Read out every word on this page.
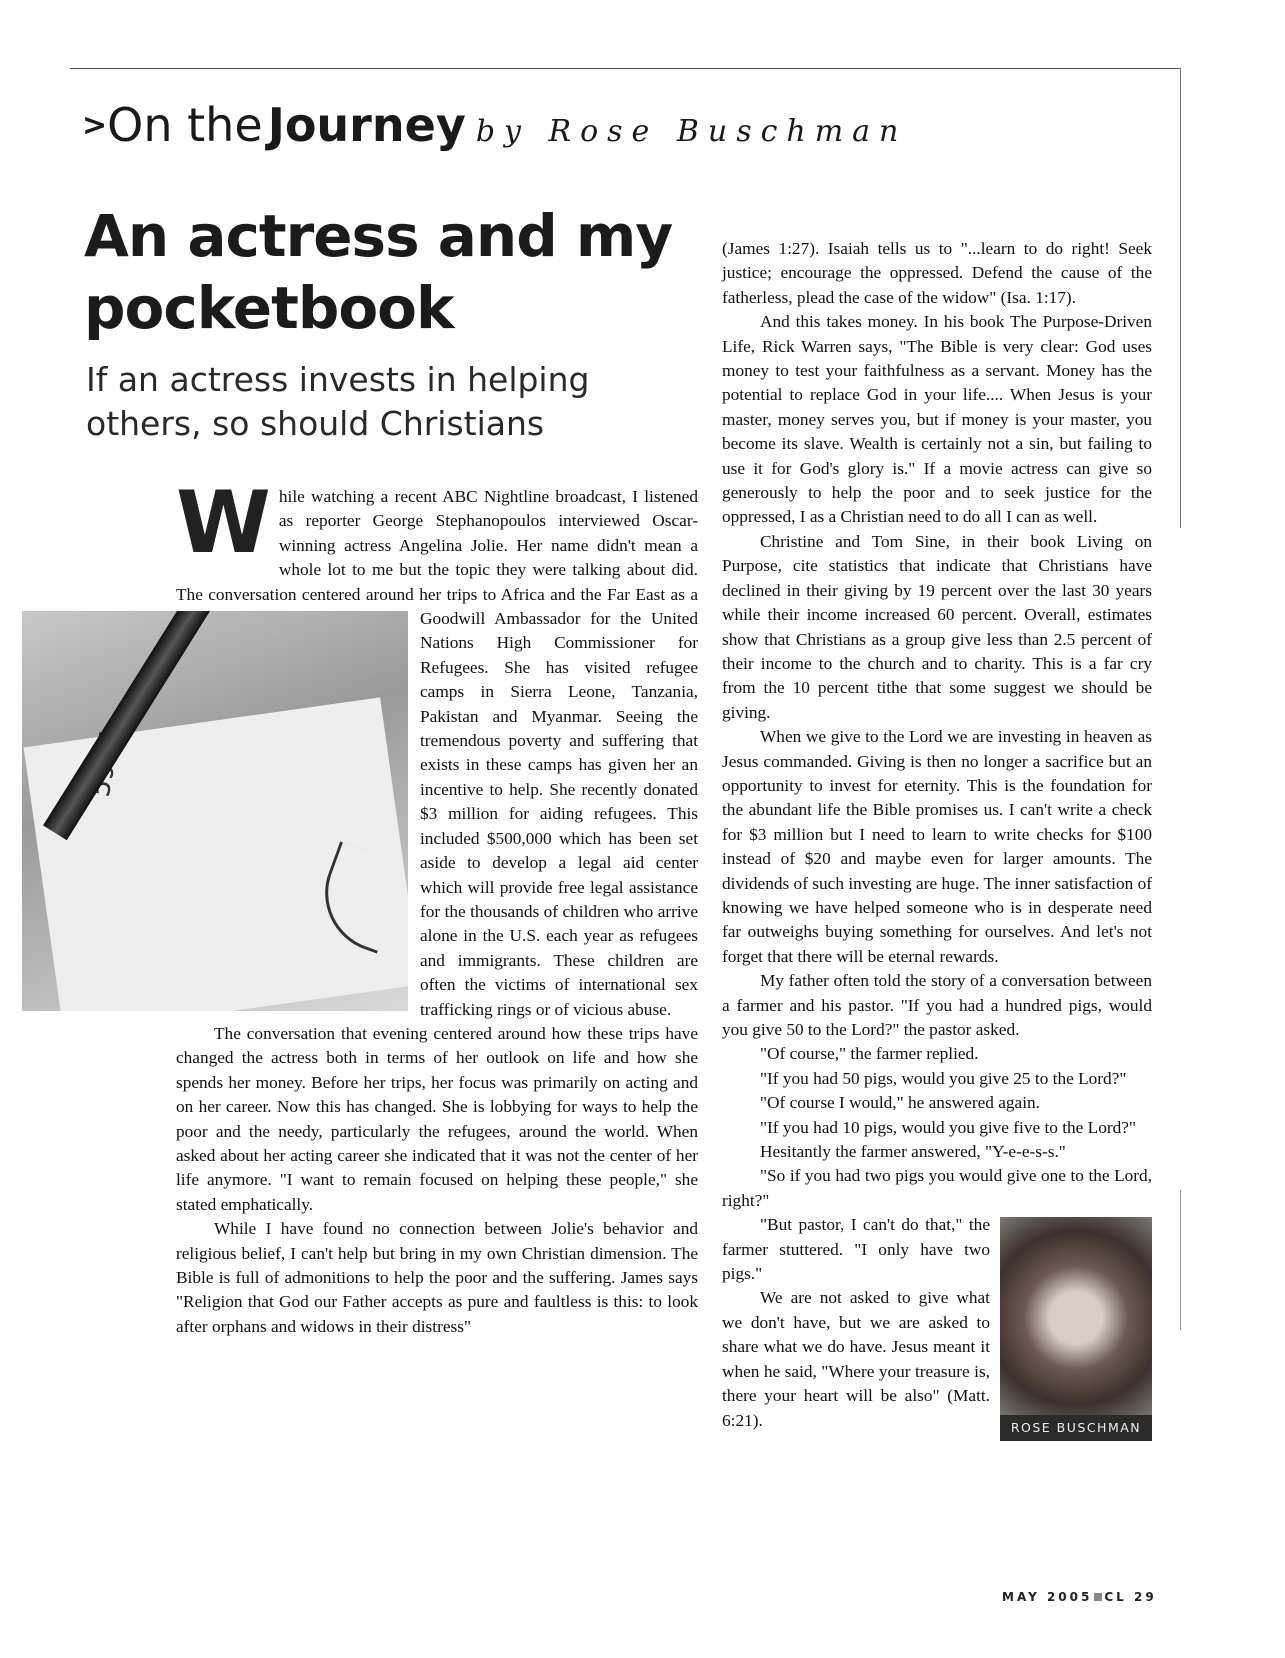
>On the Journey by Rose Buschman
An actress and my pocketbook
If an actress invests in helping others, so should Christians
W hile watching a recent ABC Nightline broadcast, I listened as reporter George Stephanopoulos interviewed Oscar-winning actress Angelina Jolie. Her name didn't mean a whole lot to me but the topic they were talking about did. The conversation centered around her trips to Africa and the Far East as a
Goodwill Ambassador for the United Nations High Commissioner for Refugees. She has visited refugee camps in Sierra Leone, Tanzania, Pakistan and Myanmar. Seeing the tremendous poverty and suffering that exists in these camps has given her an incentive to help. She recently donated $3 million for aiding refugees. This included $500,000 which has been set aside to develop a legal aid center which will provide free legal assistance for the thousands of children who arrive alone in the U.S. each year as refugees and immigrants. These children are often the victims of international sex trafficking rings or of vicious abuse.

The conversation that evening centered around how these trips have changed the actress both in terms of her outlook on life and how she spends her money. Before her trips, her focus was primarily on acting and on her career. Now this has changed. She is lobbying for ways to help the poor and the needy, particularly the refugees, around the world. When asked about her acting career she indicated that it was not the center of her life anymore. "I want to remain focused on helping these people," she stated emphatically.

While I have found no connection between Jolie's behavior and religious belief, I can't help but bring in my own Christian dimension. The Bible is full of admonitions to help the poor and the suffering. James says "Religion that God our Father accepts as pure and faultless is this: to look after orphans and widows in their distress"

(James 1:27). Isaiah tells us to "...learn to do right! Seek justice; encourage the oppressed. Defend the cause of the fatherless, plead the case of the widow" (Isa. 1:17).

And this takes money. In his book The Purpose-Driven Life, Rick Warren says, "The Bible is very clear: God uses money to test your faithfulness as a servant. Money has the potential to replace God in your life.... When Jesus is your master, money serves you, but if money is your master, you become its slave. Wealth is certainly not a sin, but failing to use it for God's glory is." If a movie actress can give so generously to help the poor and to seek justice for the oppressed, I as a Christian need to do all I can as well.

Christine and Tom Sine, in their book Living on Purpose, cite statistics that indicate that Christians have declined in their giving by 19 percent over the last 30 years while their income increased 60 percent. Overall, estimates show that Christians as a group give less than 2.5 percent of their income to the church and to charity. This is a far cry from the 10 percent tithe that some suggest we should be giving.

When we give to the Lord we are investing in heaven as Jesus commanded. Giving is then no longer a sacrifice but an opportunity to invest for eternity. This is the foundation for the abundant life the Bible promises us. I can't write a check for $3 million but I need to learn to write checks for $100 instead of $20 and maybe even for larger amounts. The dividends of such investing are huge. The inner satisfaction of knowing we have helped someone who is in desperate need far outweighs buying something for ourselves. And let's not forget that there will be eternal rewards.

My father often told the story of a conversation between a farmer and his pastor. "If you had a hundred pigs, would you give 50 to the Lord?" the pastor asked.

"Of course," the farmer replied.

"If you had 50 pigs, would you give 25 to the Lord?"

"Of course I would," he answered again.

"If you had 10 pigs, would you give five to the Lord?"

Hesitantly the farmer answered, "Y-e-e-s-s."

"So if you had two pigs you would give one to the Lord, right?"

ROSE BUSCHMAN

"But pastor, I can't do that," the farmer stuttered. "I only have two pigs."

We are not asked to give what we don't have, but we are asked to share what we do have. Jesus meant it when he said, "Where your treasure is, there your heart will be also" (Matt. 6:21).

MAY 2005 CL 29
